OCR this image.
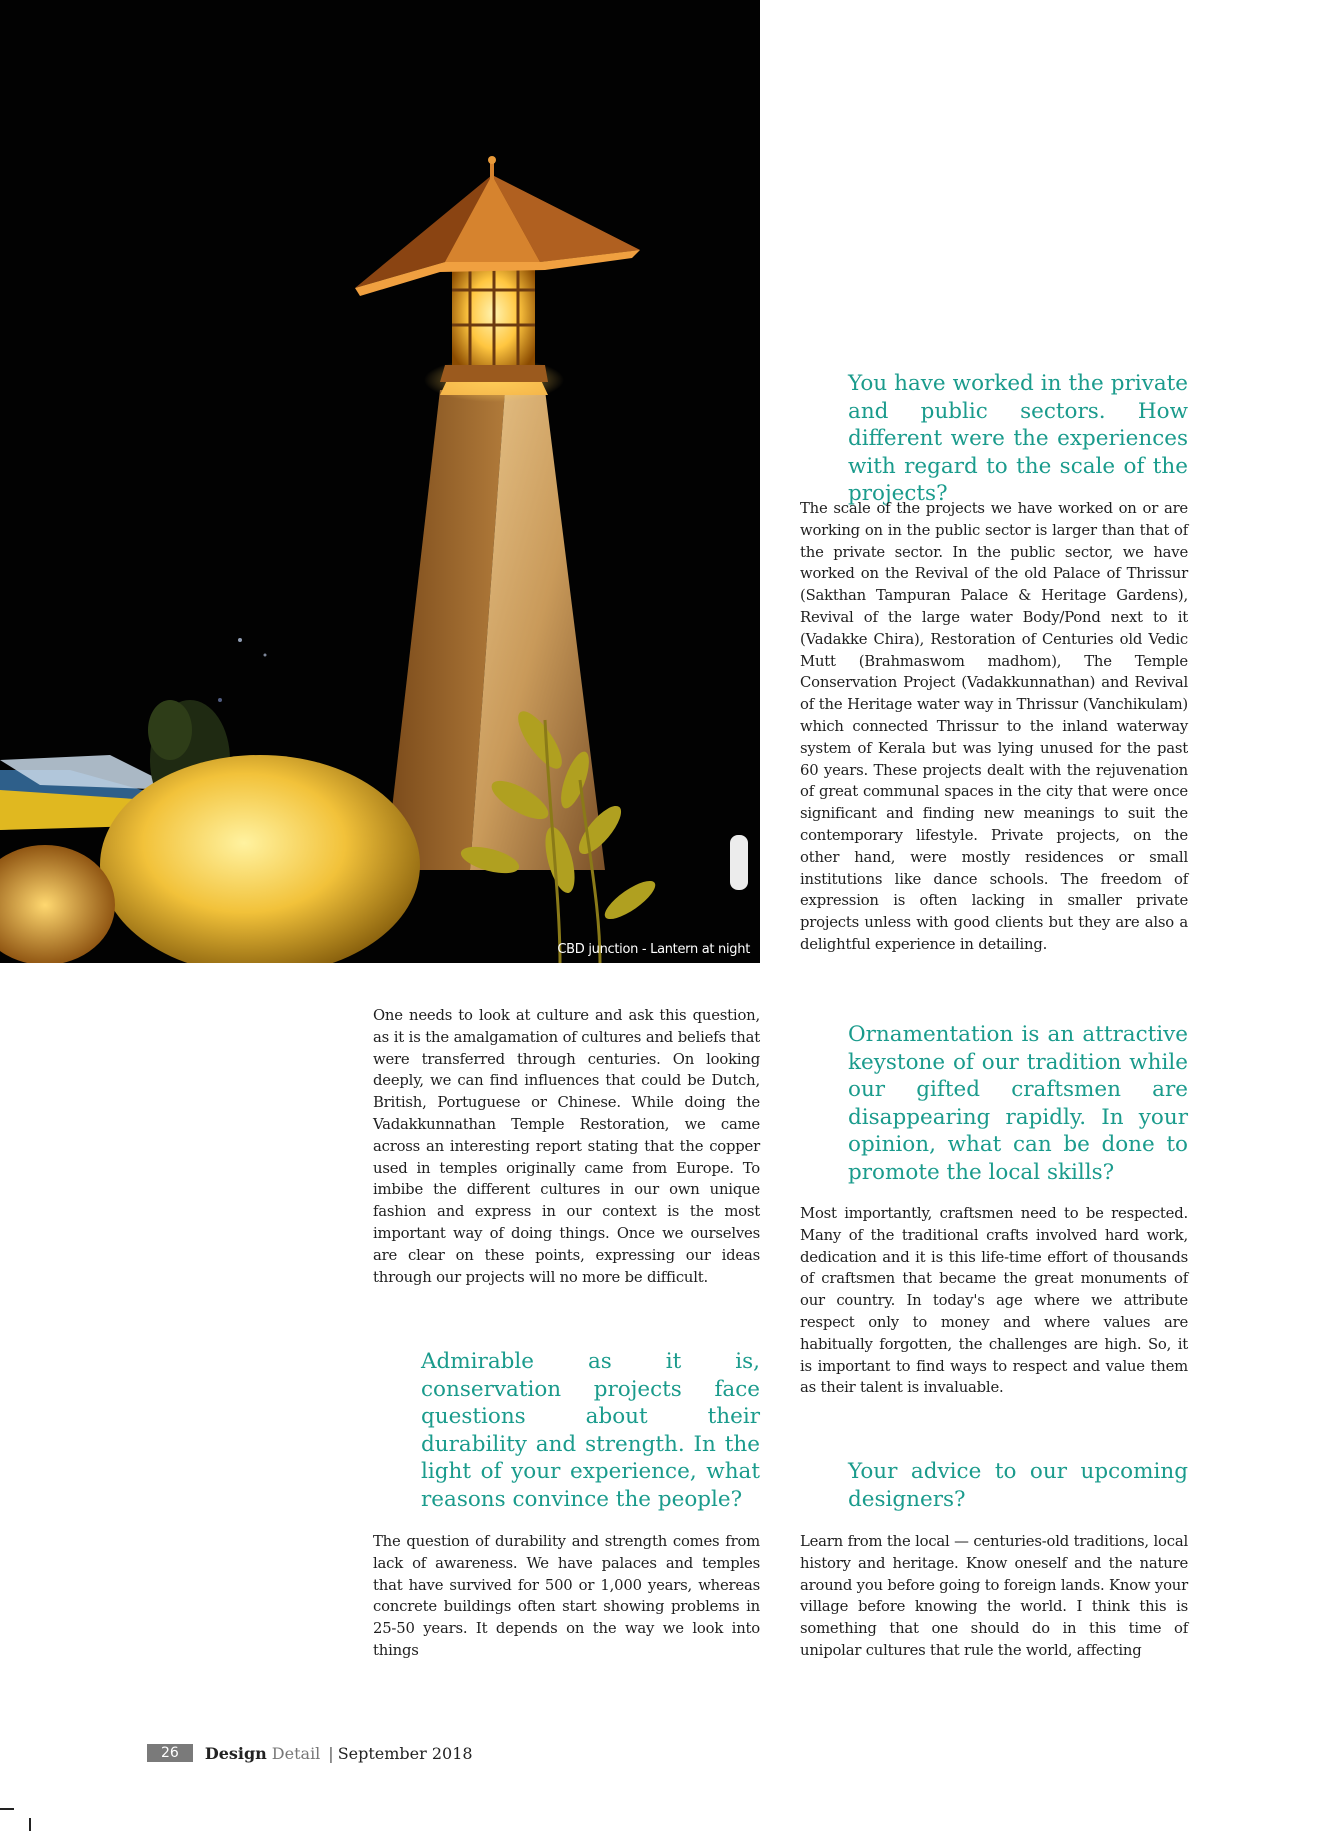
CBD junction - Lantern at night
You have worked in the private and public sectors. How different were the experiences with regard to the scale of the projects?

The scale of the projects we have worked on or are working on in the public sector is larger than that of the private sector. In the public sector, we have worked on the Revival of the old Palace of Thrissur (Sakthan Tampuran Palace & Heritage Gardens), Revival of the large water Body/Pond next to it (Vadakke Chira), Restoration of Centuries old Vedic Mutt (Brahmaswom madhom), The Temple Conservation Project (Vadakkunnathan) and Revival of the Heritage water way in Thrissur (Vanchikulam) which connected Thrissur to the inland waterway system of Kerala but was lying unused for the past 60 years. These projects dealt with the rejuvenation of great communal spaces in the city that were once significant and finding new meanings to suit the contemporary lifestyle. Private projects, on the other hand, were mostly residences or small institutions like dance schools. The freedom of expression is often lacking in smaller private projects unless with good clients but they are also a delightful experience in detailing.

One needs to look at culture and ask this question, as it is the amalgamation of cultures and beliefs that were transferred through centuries. On looking deeply, we can find influences that could be Dutch, British, Portuguese or Chinese. While doing the Vadakkunnathan Temple Restoration, we came across an interesting report stating that the copper used in temples originally came from Europe. To imbibe the different cultures in our own unique fashion and express in our context is the most important way of doing things. Once we ourselves are clear on these points, expressing our ideas through our projects will no more be difficult.

Ornamentation is an attractive keystone of our tradition while our gifted craftsmen are disappearing rapidly. In your opinion, what can be done to promote the local skills?

Most importantly, craftsmen need to be respected. Many of the traditional crafts involved hard work, dedication and it is this life-time effort of thousands of craftsmen that became the great monuments of our country. In today's age where we attribute respect only to money and where values are habitually forgotten, the challenges are high. So, it is important to find ways to respect and value them as their talent is invaluable.

Admirable as it is, conservation projects face questions about their durability and strength. In the light of your experience, what reasons convince the people?
Your advice to our upcoming designers?

The question of durability and strength comes from lack of awareness. We have palaces and temples that have survived for 500 or 1,000 years, whereas concrete buildings often start showing problems in 25-50 years. It depends on the way we look into things

Learn from the local — centuries-old traditions, local history and heritage. Know oneself and the nature around you before going to foreign lands. Know your village before knowing the world. I think this is something that one should do in this time of unipolar cultures that rule the world, affecting

26	Design Detail | September 2018
